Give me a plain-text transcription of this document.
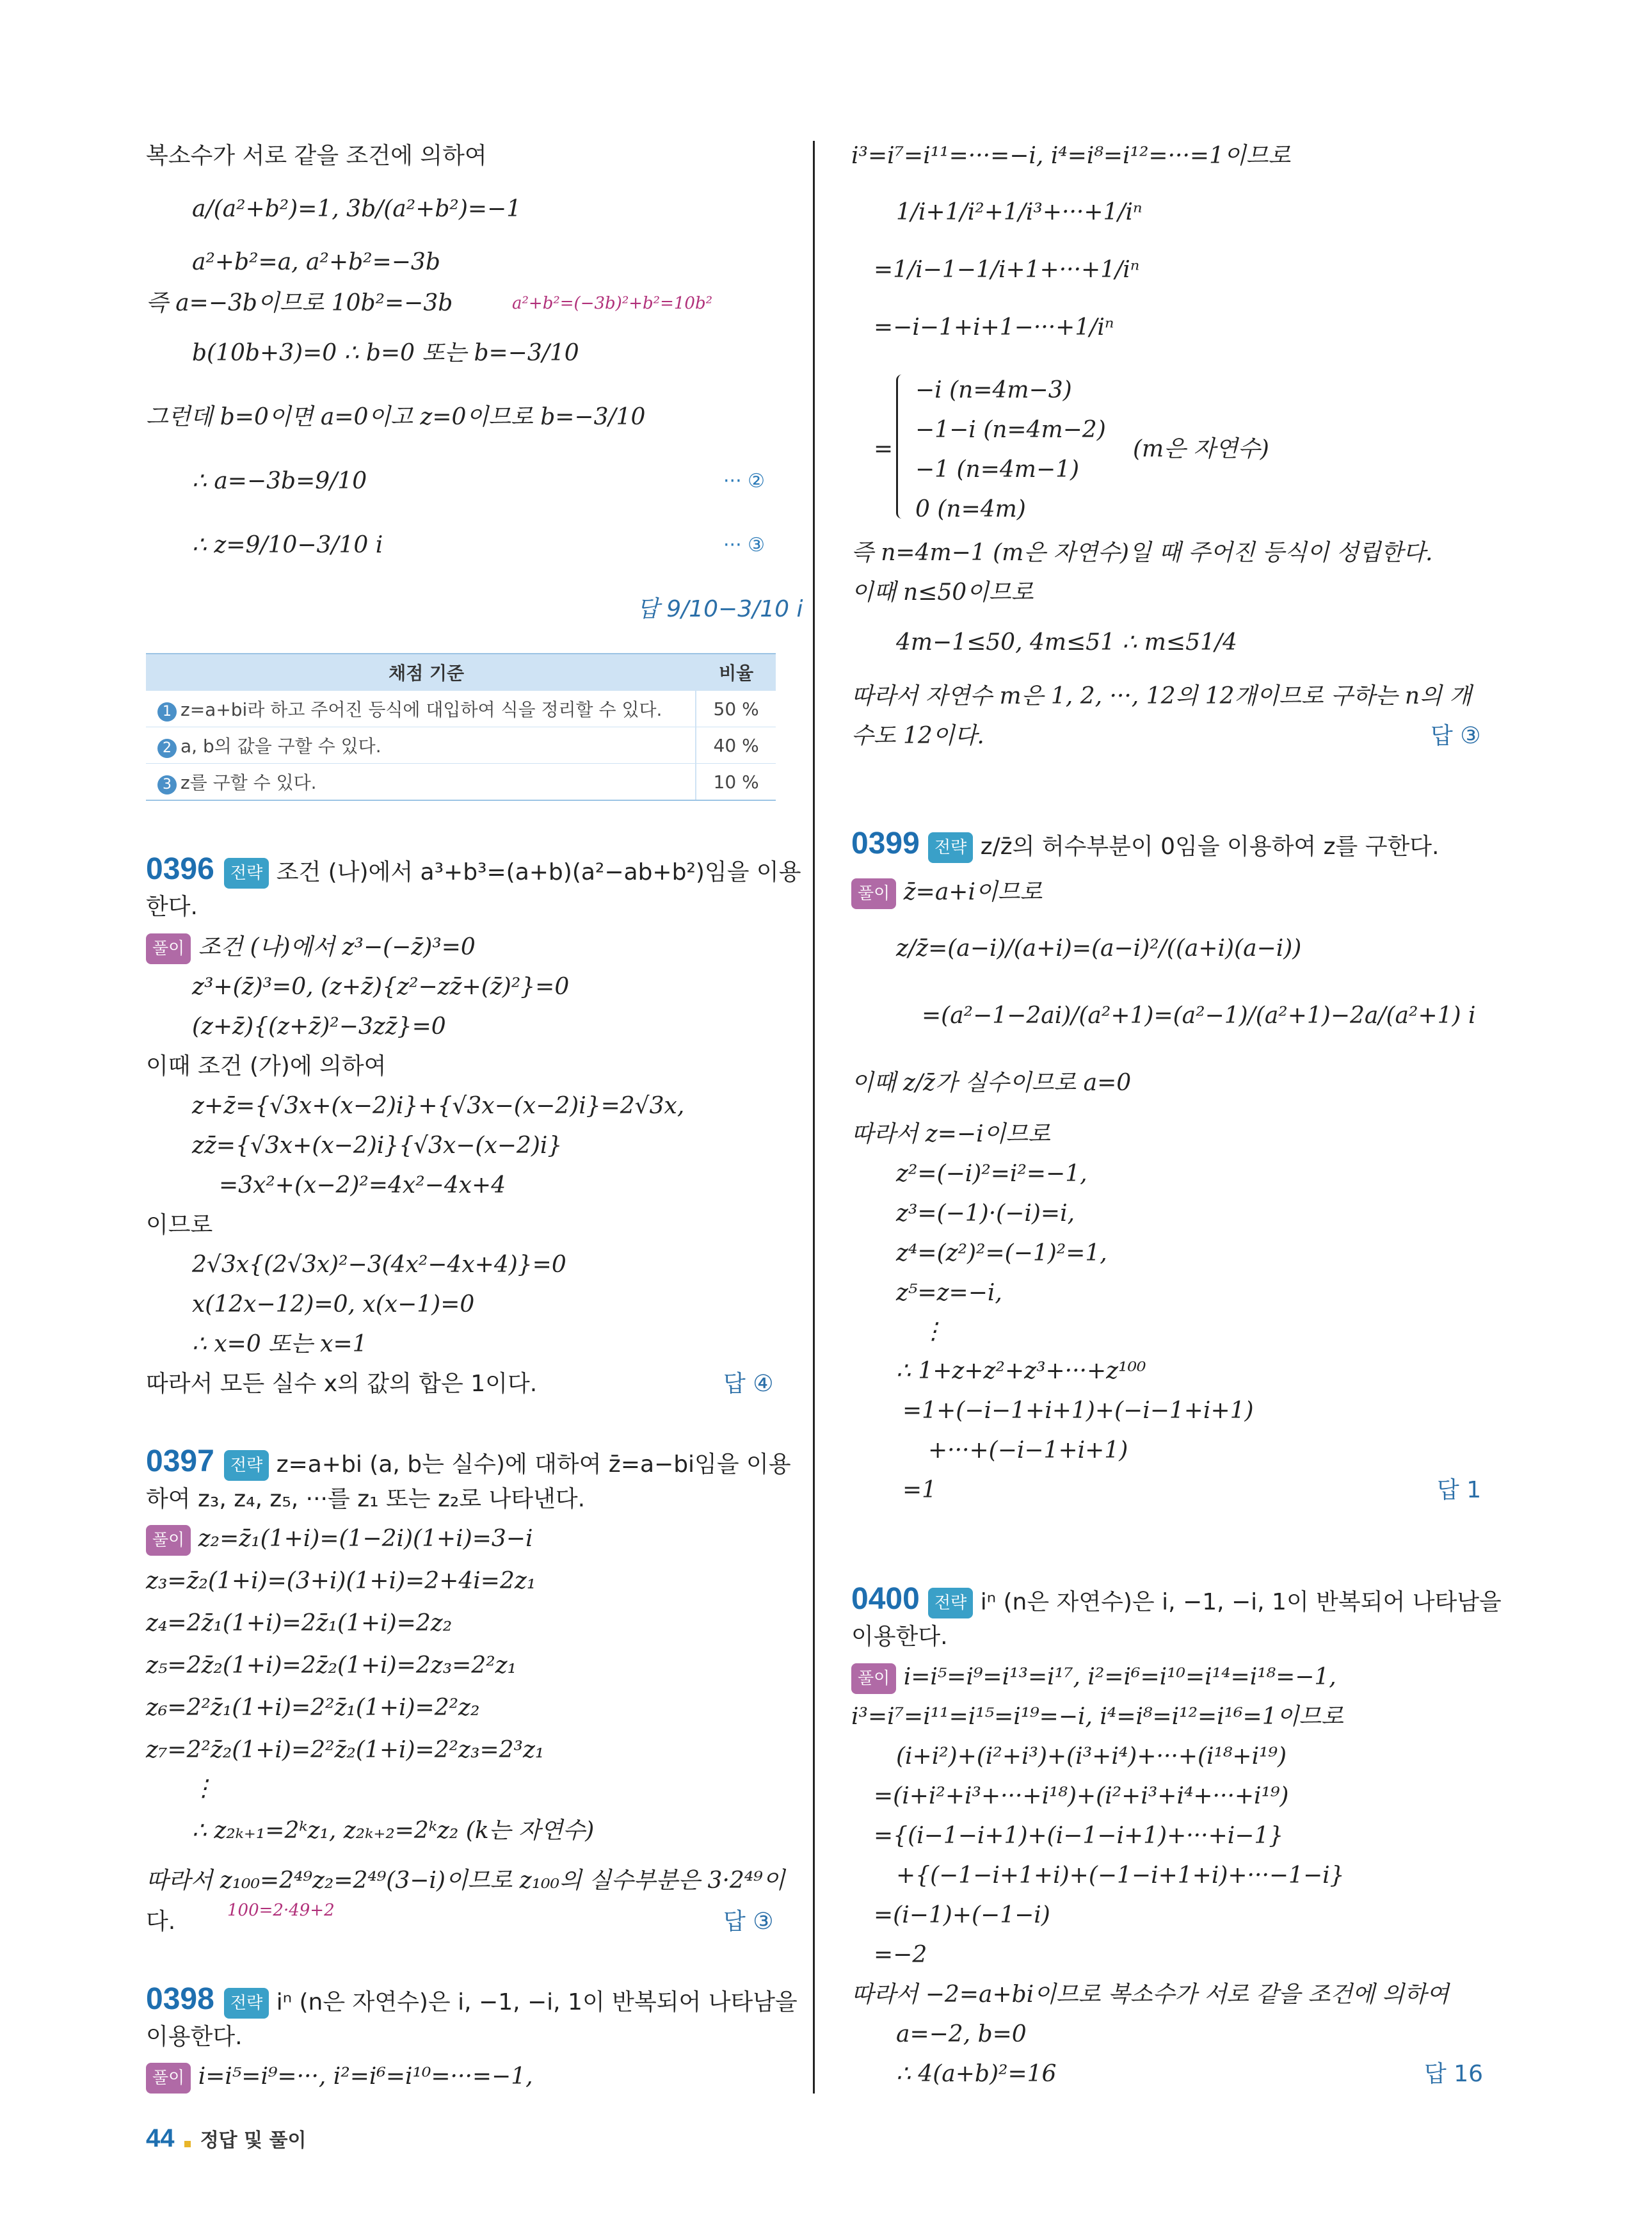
복소수가 서로 같을 조건에 의하여
a/(a²+b²)=1, 3b/(a²+b²)=−1
a²+b²=a, a²+b²=−3b
즉 a=−3b이므로 10b²=−3b	a²+b²=(−3b)²+b²=10b²
b(10b+3)=0 ∴ b=0 또는 b=−3/10
그런데 b=0이면 a=0이고 z=0이므로 b=−3/10
∴ a=−3b=9/10	··· ②
∴ z=9/10−3/10 i	··· ③
답 9/10−3/10 i
채점 기준	비율
1 z=a+bi라 하고 주어진 등식에 대입하여 식을 정리할 수 있다.	50 %
2 a, b의 값을 구할 수 있다.	40 %
3 z를 구할 수 있다.	10 %
0396 전략 조건 (나)에서 a³+b³=(a+b)(a²−ab+b²)임을 이용
한다.
풀이 조건 (나)에서 z³−(−z̄)³=0
z³+(z̄)³=0, (z+z̄){z²−zz̄+(z̄)²}=0
(z+z̄){(z+z̄)²−3zz̄}=0
이때 조건 (가)에 의하여
z+z̄={√3x+(x−2)i}+{√3x−(x−2)i}=2√3x,
zz̄={√3x+(x−2)i}{√3x−(x−2)i}
=3x²+(x−2)²=4x²−4x+4
이므로
2√3x{(2√3x)²−3(4x²−4x+4)}=0
x(12x−12)=0, x(x−1)=0
∴ x=0 또는 x=1
따라서 모든 실수 x의 값의 합은 1이다.	답 ④
0397 전략 z=a+bi (a, b는 실수)에 대하여 z̄=a−bi임을 이용
하여 z₃, z₄, z₅, ···를 z₁ 또는 z₂로 나타낸다.
풀이 z₂=z̄₁(1+i)=(1−2i)(1+i)=3−i
z₃=z̄₂(1+i)=(3+i)(1+i)=2+4i=2z₁
z₄=2z̄₁(1+i)=2z̄₁(1+i)=2z₂
z₅=2z̄₂(1+i)=2z̄₂(1+i)=2z₃=2²z₁
z₆=2²z̄₁(1+i)=2²z̄₁(1+i)=2²z₂
z₇=2²z̄₂(1+i)=2²z̄₂(1+i)=2²z₃=2³z₁
⋮
∴ z₂ₖ₊₁=2ᵏz₁, z₂ₖ₊₂=2ᵏz₂ (k는 자연수)
따라서 z₁₀₀=2⁴⁹z₂=2⁴⁹(3−i)이므로 z₁₀₀의 실수부분은 3·2⁴⁹이
100=2·49+2
다.	답 ③
0398 전략 iⁿ (n은 자연수)은 i, −1, −i, 1이 반복되어 나타남을
이용한다.
풀이 i=i⁵=i⁹=···, i²=i⁶=i¹⁰=···=−1,
i³=i⁷=i¹¹=···=−i, i⁴=i⁸=i¹²=···=1이므로
1/i+1/i²+1/i³+···+1/iⁿ
=1/i−1−1/i+1+···+1/iⁿ
=−i−1+i+1−···+1/iⁿ
=
−i (n=4m−3)
−1−i (n=4m−2)
−1 (n=4m−1)
0 (n=4m)
(m은 자연수)
즉 n=4m−1 (m은 자연수)일 때 주어진 등식이 성립한다.
이때 n≤50이므로
4m−1≤50, 4m≤51 ∴ m≤51/4
따라서 자연수 m은 1, 2, ···, 12의 12개이므로 구하는 n의 개
수도 12이다.	답 ③
0399 전략 z/z̄의 허수부분이 0임을 이용하여 z를 구한다.
풀이 z̄=a+i이므로
z/z̄=(a−i)/(a+i)=(a−i)²/((a+i)(a−i))
=(a²−1−2ai)/(a²+1)=(a²−1)/(a²+1)−2a/(a²+1) i
이때 z/z̄가 실수이므로 a=0
따라서 z=−i이므로
z²=(−i)²=i²=−1,
z³=(−1)·(−i)=i,
z⁴=(z²)²=(−1)²=1,
z⁵=z=−i,
⋮
∴ 1+z+z²+z³+···+z¹⁰⁰
=1+(−i−1+i+1)+(−i−1+i+1)
+···+(−i−1+i+1)
=1	답 1
0400 전략 iⁿ (n은 자연수)은 i, −1, −i, 1이 반복되어 나타남을
이용한다.
풀이 i=i⁵=i⁹=i¹³=i¹⁷, i²=i⁶=i¹⁰=i¹⁴=i¹⁸=−1,
i³=i⁷=i¹¹=i¹⁵=i¹⁹=−i, i⁴=i⁸=i¹²=i¹⁶=1이므로
(i+i²)+(i²+i³)+(i³+i⁴)+···+(i¹⁸+i¹⁹)
=(i+i²+i³+···+i¹⁸)+(i²+i³+i⁴+···+i¹⁹)
={(i−1−i+1)+(i−1−i+1)+···+i−1}
+{(−1−i+1+i)+(−1−i+1+i)+···−1−i}
=(i−1)+(−1−i)
=−2
따라서 −2=a+bi이므로 복소수가 서로 같을 조건에 의하여
a=−2, b=0
∴ 4(a+b)²=16	답 16
44 정답 및 풀이
